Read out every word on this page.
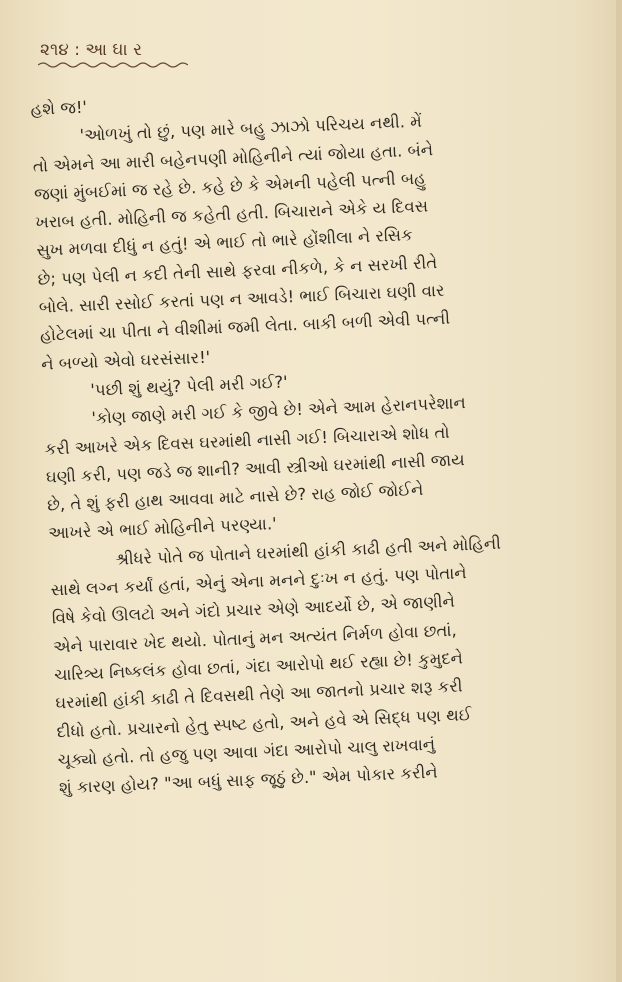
૨૧૪ : આ ઘા ર
હશે જ!'
'ઓળખું તો છું, પણ મારે બહુ ઝાઝો પરિચય નથી. મેં
તો એમને આ મારી બહેનપણી મોહિનીને ત્યાં જોયા હતા. બંને
જણાં મુંબઈમાં જ રહે છે. કહે છે કે એમની પહેલી પત્ની બહુ
ખરાબ હતી. મોહિની જ કહેતી હતી. બિચારાને એકે ય દિવસ
સુખ મળવા દીધું ન હતું! એ ભાઈ તો ભારે હોંશીલા ને રસિક
છે; પણ પેલી ન કદી તેની સાથે ફરવા નીકળે, કે ન સરખી રીતે
બોલે. સારી રસોઈ કરતાં પણ ન આવડે! ભાઈ બિચારા ઘણી વાર
હોટેલમાં ચા પીતા ને વીશીમાં જમી લેતા. બાકી બળી એવી પત્ની
ને બળ્યો એવો ઘરસંસાર!'
'પછી શું થયું? પેલી મરી ગઈ?'
'કોણ જાણે મરી ગઈ કે જીવે છે! એને આમ હેરાનપરેશાન
કરી આખરે એક દિવસ ઘરમાંથી નાસી ગઈ! બિચારાએ શોધ તો
ઘણી કરી, પણ જડે જ શાની? આવી સ્ત્રીઓ ઘરમાંથી નાસી જાય
છે, તે શું ફરી હાથ આવવા માટે નાસે છે? રાહ જોઈ જોઈને
આખરે એ ભાઈ મોહિનીને પરણ્યા.'
શ્રીધરે પોતે જ પોતાને ઘરમાંથી હાંકી કાઢી હતી અને મોહિની
સાથે લગ્ન કર્યાં હતાં, એનું એના મનને દુઃખ ન હતું. પણ પોતાને
વિષે કેવો ઊલટો અને ગંદો પ્રચાર એણે આદર્યો છે, એ જાણીને
એને પારાવાર ખેદ થયો. પોતાનું મન અત્યંત નિર્મળ હોવા છતાં,
ચારિત્ર્ય નિષ્કલંક હોવા છતાં, ગંદા આરોપો થઈ રહ્યા છે! કુમુદને
ઘરમાંથી હાંકી કાઢી તે દિવસથી તેણે આ જાતનો પ્રચાર શરૂ કરી
દીધો હતો. પ્રચારનો હેતુ સ્પષ્ટ હતો, અને હવે એ સિદ્ધ પણ થઈ
ચૂક્યો હતો. તો હજુ પણ આવા ગંદા આરોપો ચાલુ રાખવાનું
શું કારણ હોય? "આ બધું સાફ જૂઠું છે." એમ પોકાર કરીને
